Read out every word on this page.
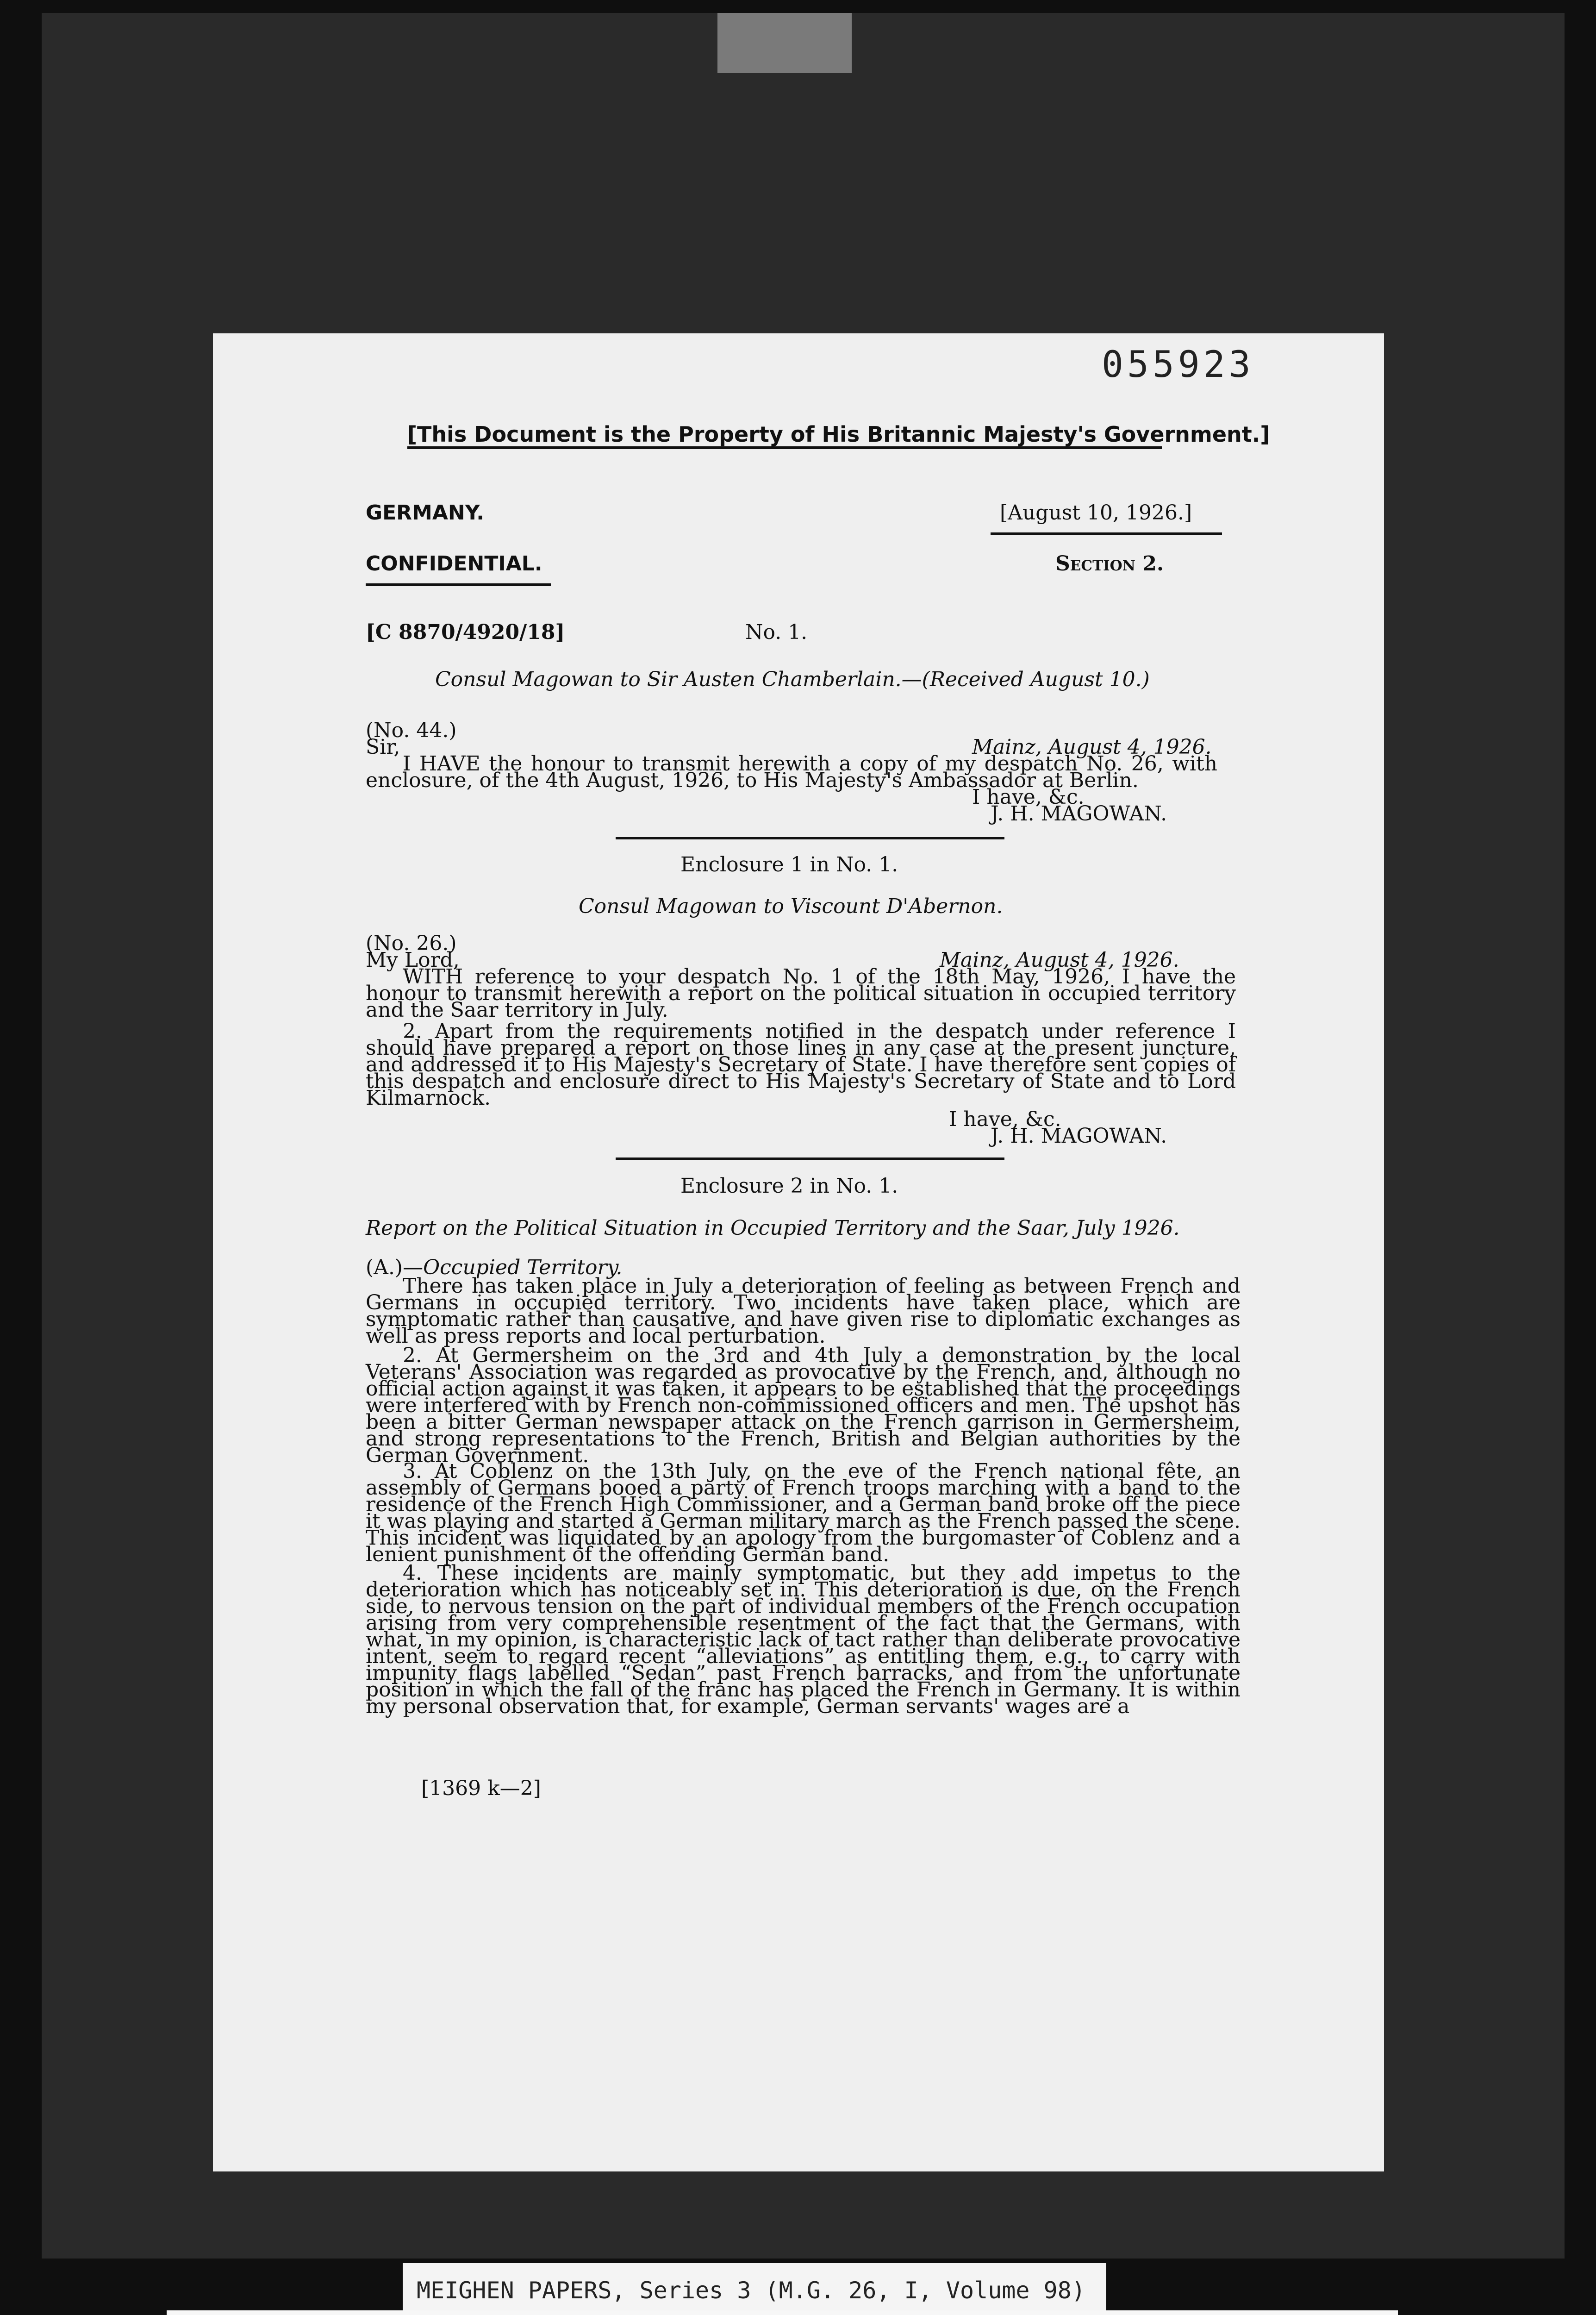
055923
[This Document is the Property of His Britannic Majesty's Government.]
GERMANY.	[August 10, 1926.]
CONFIDENTIAL.	Section 2.
[C 8870/4920/18]	No. 1.
Consul Magowan to Sir Austen Chamberlain.—(Received August 10.)
(No. 44.)
Sir,	Mainz, August 4, 1926.
I HAVE the honour to transmit herewith a copy of my despatch No. 26, with enclosure, of the 4th August, 1926, to His Majesty's Ambassador at Berlin.
I have, &c.
J. H. MAGOWAN.
Enclosure 1 in No. 1.
Consul Magowan to Viscount D'Abernon.
(No. 26.)
My Lord,	Mainz, August 4, 1926.
WITH reference to your despatch No. 1 of the 18th May, 1926, I have the honour to transmit herewith a report on the political situation in occupied territory and the Saar territory in July.
2. Apart from the requirements notified in the despatch under reference I should have prepared a report on those lines in any case at the present juncture, and addressed it to His Majesty's Secretary of State. I have therefore sent copies of this despatch and enclosure direct to His Majesty's Secretary of State and to Lord Kilmarnock.
I have, &c.
J. H. MAGOWAN.
Enclosure 2 in No. 1.
Report on the Political Situation in Occupied Territory and the Saar, July 1926.
(A.)—Occupied Territory.
There has taken place in July a deterioration of feeling as between French and Germans in occupied territory. Two incidents have taken place, which are symptomatic rather than causative, and have given rise to diplomatic exchanges as well as press reports and local perturbation.
2. At Germersheim on the 3rd and 4th July a demonstration by the local Veterans' Association was regarded as provocative by the French, and, although no official action against it was taken, it appears to be established that the proceedings were interfered with by French non-commissioned officers and men. The upshot has been a bitter German newspaper attack on the French garrison in Germersheim, and strong representations to the French, British and Belgian authorities by the German Government.
3. At Coblenz on the 13th July, on the eve of the French national fête, an assembly of Germans booed a party of French troops marching with a band to the residence of the French High Commissioner, and a German band broke off the piece it was playing and started a German military march as the French passed the scene. This incident was liquidated by an apology from the burgomaster of Coblenz and a lenient punishment of the offending German band.
4. These incidents are mainly symptomatic, but they add impetus to the deterioration which has noticeably set in. This deterioration is due, on the French side, to nervous tension on the part of individual members of the French occupation arising from very comprehensible resentment of the fact that the Germans, with what, in my opinion, is characteristic lack of tact rather than deliberate provocative intent, seem to regard recent “alleviations” as entitling them, e.g., to carry with impunity flags labelled “Sedan” past French barracks, and from the unfortunate position in which the fall of the franc has placed the French in Germany. It is within my personal observation that, for example, German servants' wages are a
[1369 k—2]
MEIGHEN PAPERS, Series 3 (M.G. 26, I, Volume 98)
